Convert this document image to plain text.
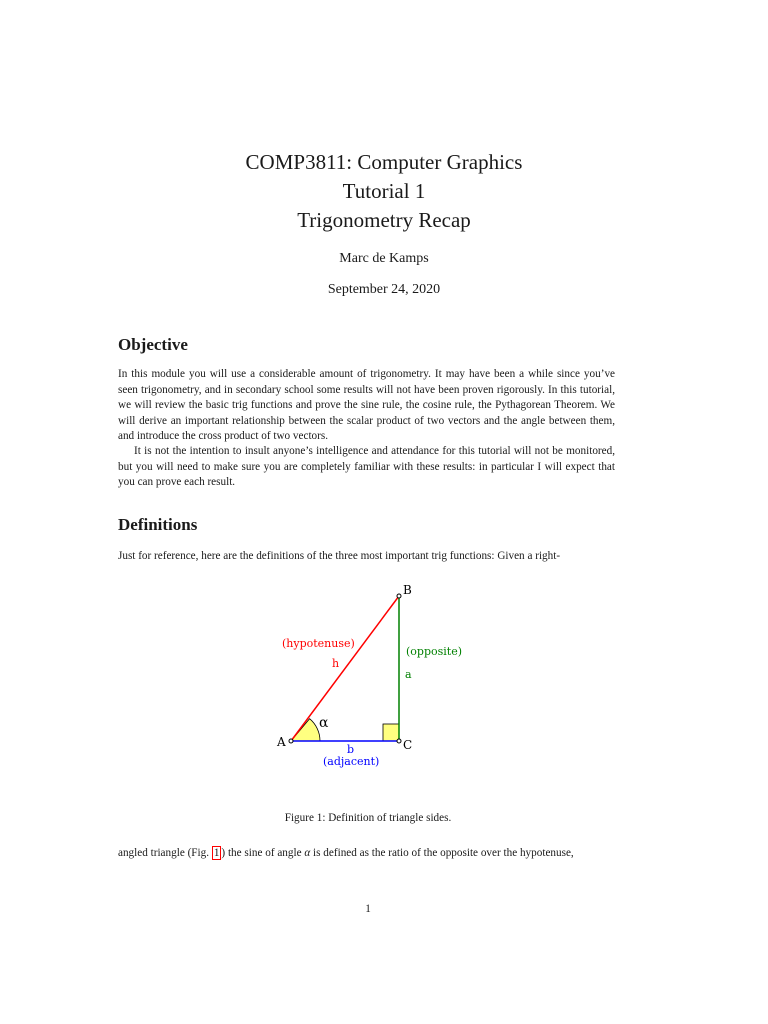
COMP3811: Computer Graphics
Tutorial 1
Trigonometry Recap
Marc de Kamps
September 24, 2020
Objective

In this module you will use a considerable amount of trigonometry. It may have been a while since you’ve seen trigonometry, and in secondary school some results will not have been proven rigorously. In this tutorial, we will review the basic trig functions and prove the sine rule, the cosine rule, the Pythagorean Theorem. We will derive an important relationship between the scalar product of two vectors and the angle between them, and introduce the cross product of two vectors.

It is not the intention to insult anyone’s intelligence and attendance for this tutorial will not be monitored, but you will need to make sure you are completely familiar with these results: in particular I will expect that you can prove each result.

Definitions

Just for reference, here are the definitions of the three most important trig functions: Given a right-

B
A	C
(hypotenuse)
h
(opposite)
a
b
(adjacent)
α
Figure 1: Definition of triangle sides.

angled triangle (Fig. 1 ) the sine of angle α is defined as the ratio of the opposite over the hypotenuse,

1
